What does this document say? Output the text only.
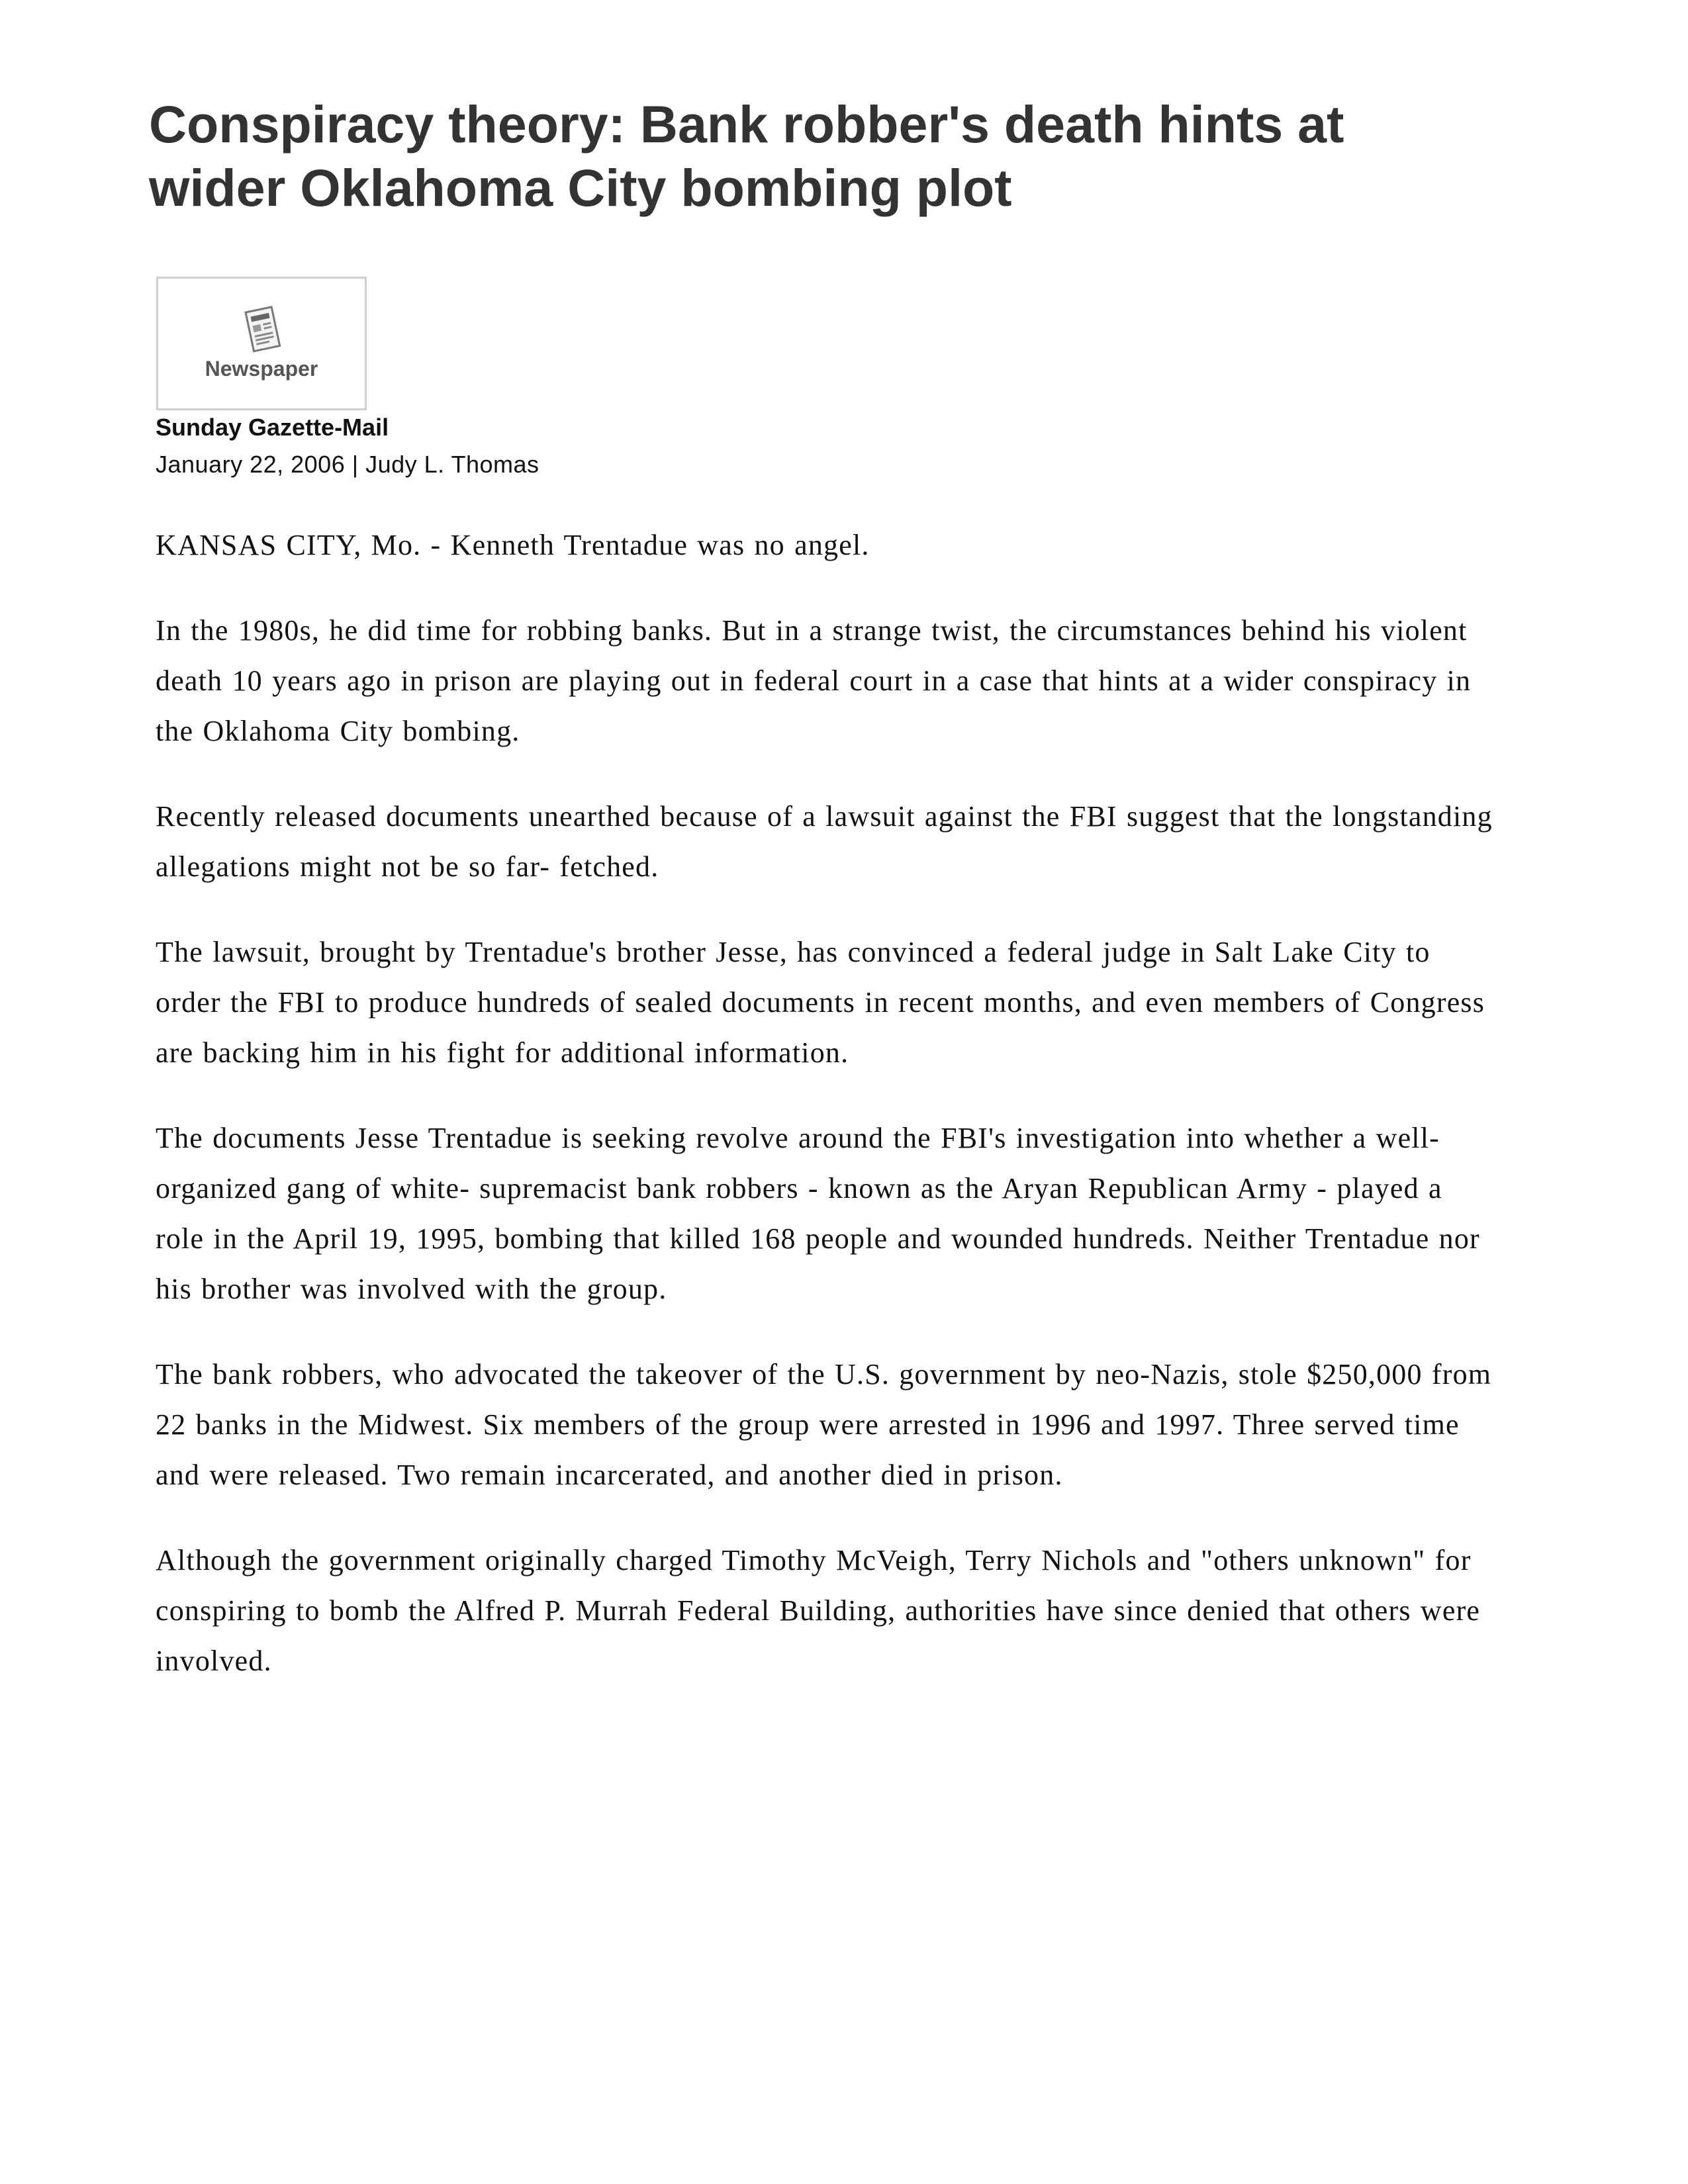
Conspiracy theory: Bank robber's death hints at wider Oklahoma City bombing plot
Newspaper
Sunday Gazette-Mail
January 22, 2006 | Judy L. Thomas

KANSAS CITY, Mo. - Kenneth Trentadue was no angel.

In the 1980s, he did time for robbing banks. But in a strange twist, the circumstances behind his violent death 10 years ago in prison are playing out in federal court in a case that hints at a wider conspiracy in the Oklahoma City bombing.

Recently released documents unearthed because of a lawsuit against the FBI suggest that the longstanding allegations might not be so far- fetched.

The lawsuit, brought by Trentadue's brother Jesse, has convinced a federal judge in Salt Lake City to order the FBI to produce hundreds of sealed documents in recent months, and even members of Congress are backing him in his fight for additional information.

The documents Jesse Trentadue is seeking revolve around the FBI's investigation into whether a well-organized gang of white- supremacist bank robbers - known as the Aryan Republican Army - played a role in the April 19, 1995, bombing that killed 168 people and wounded hundreds. Neither Trentadue nor his brother was involved with the group.

The bank robbers, who advocated the takeover of the U.S. government by neo-Nazis, stole $250,000 from 22 banks in the Midwest. Six members of the group were arrested in 1996 and 1997. Three served time and were released. Two remain incarcerated, and another died in prison.

Although the government originally charged Timothy McVeigh, Terry Nichols and "others unknown" for conspiring to bomb the Alfred P. Murrah Federal Building, authorities have since denied that others were involved.
